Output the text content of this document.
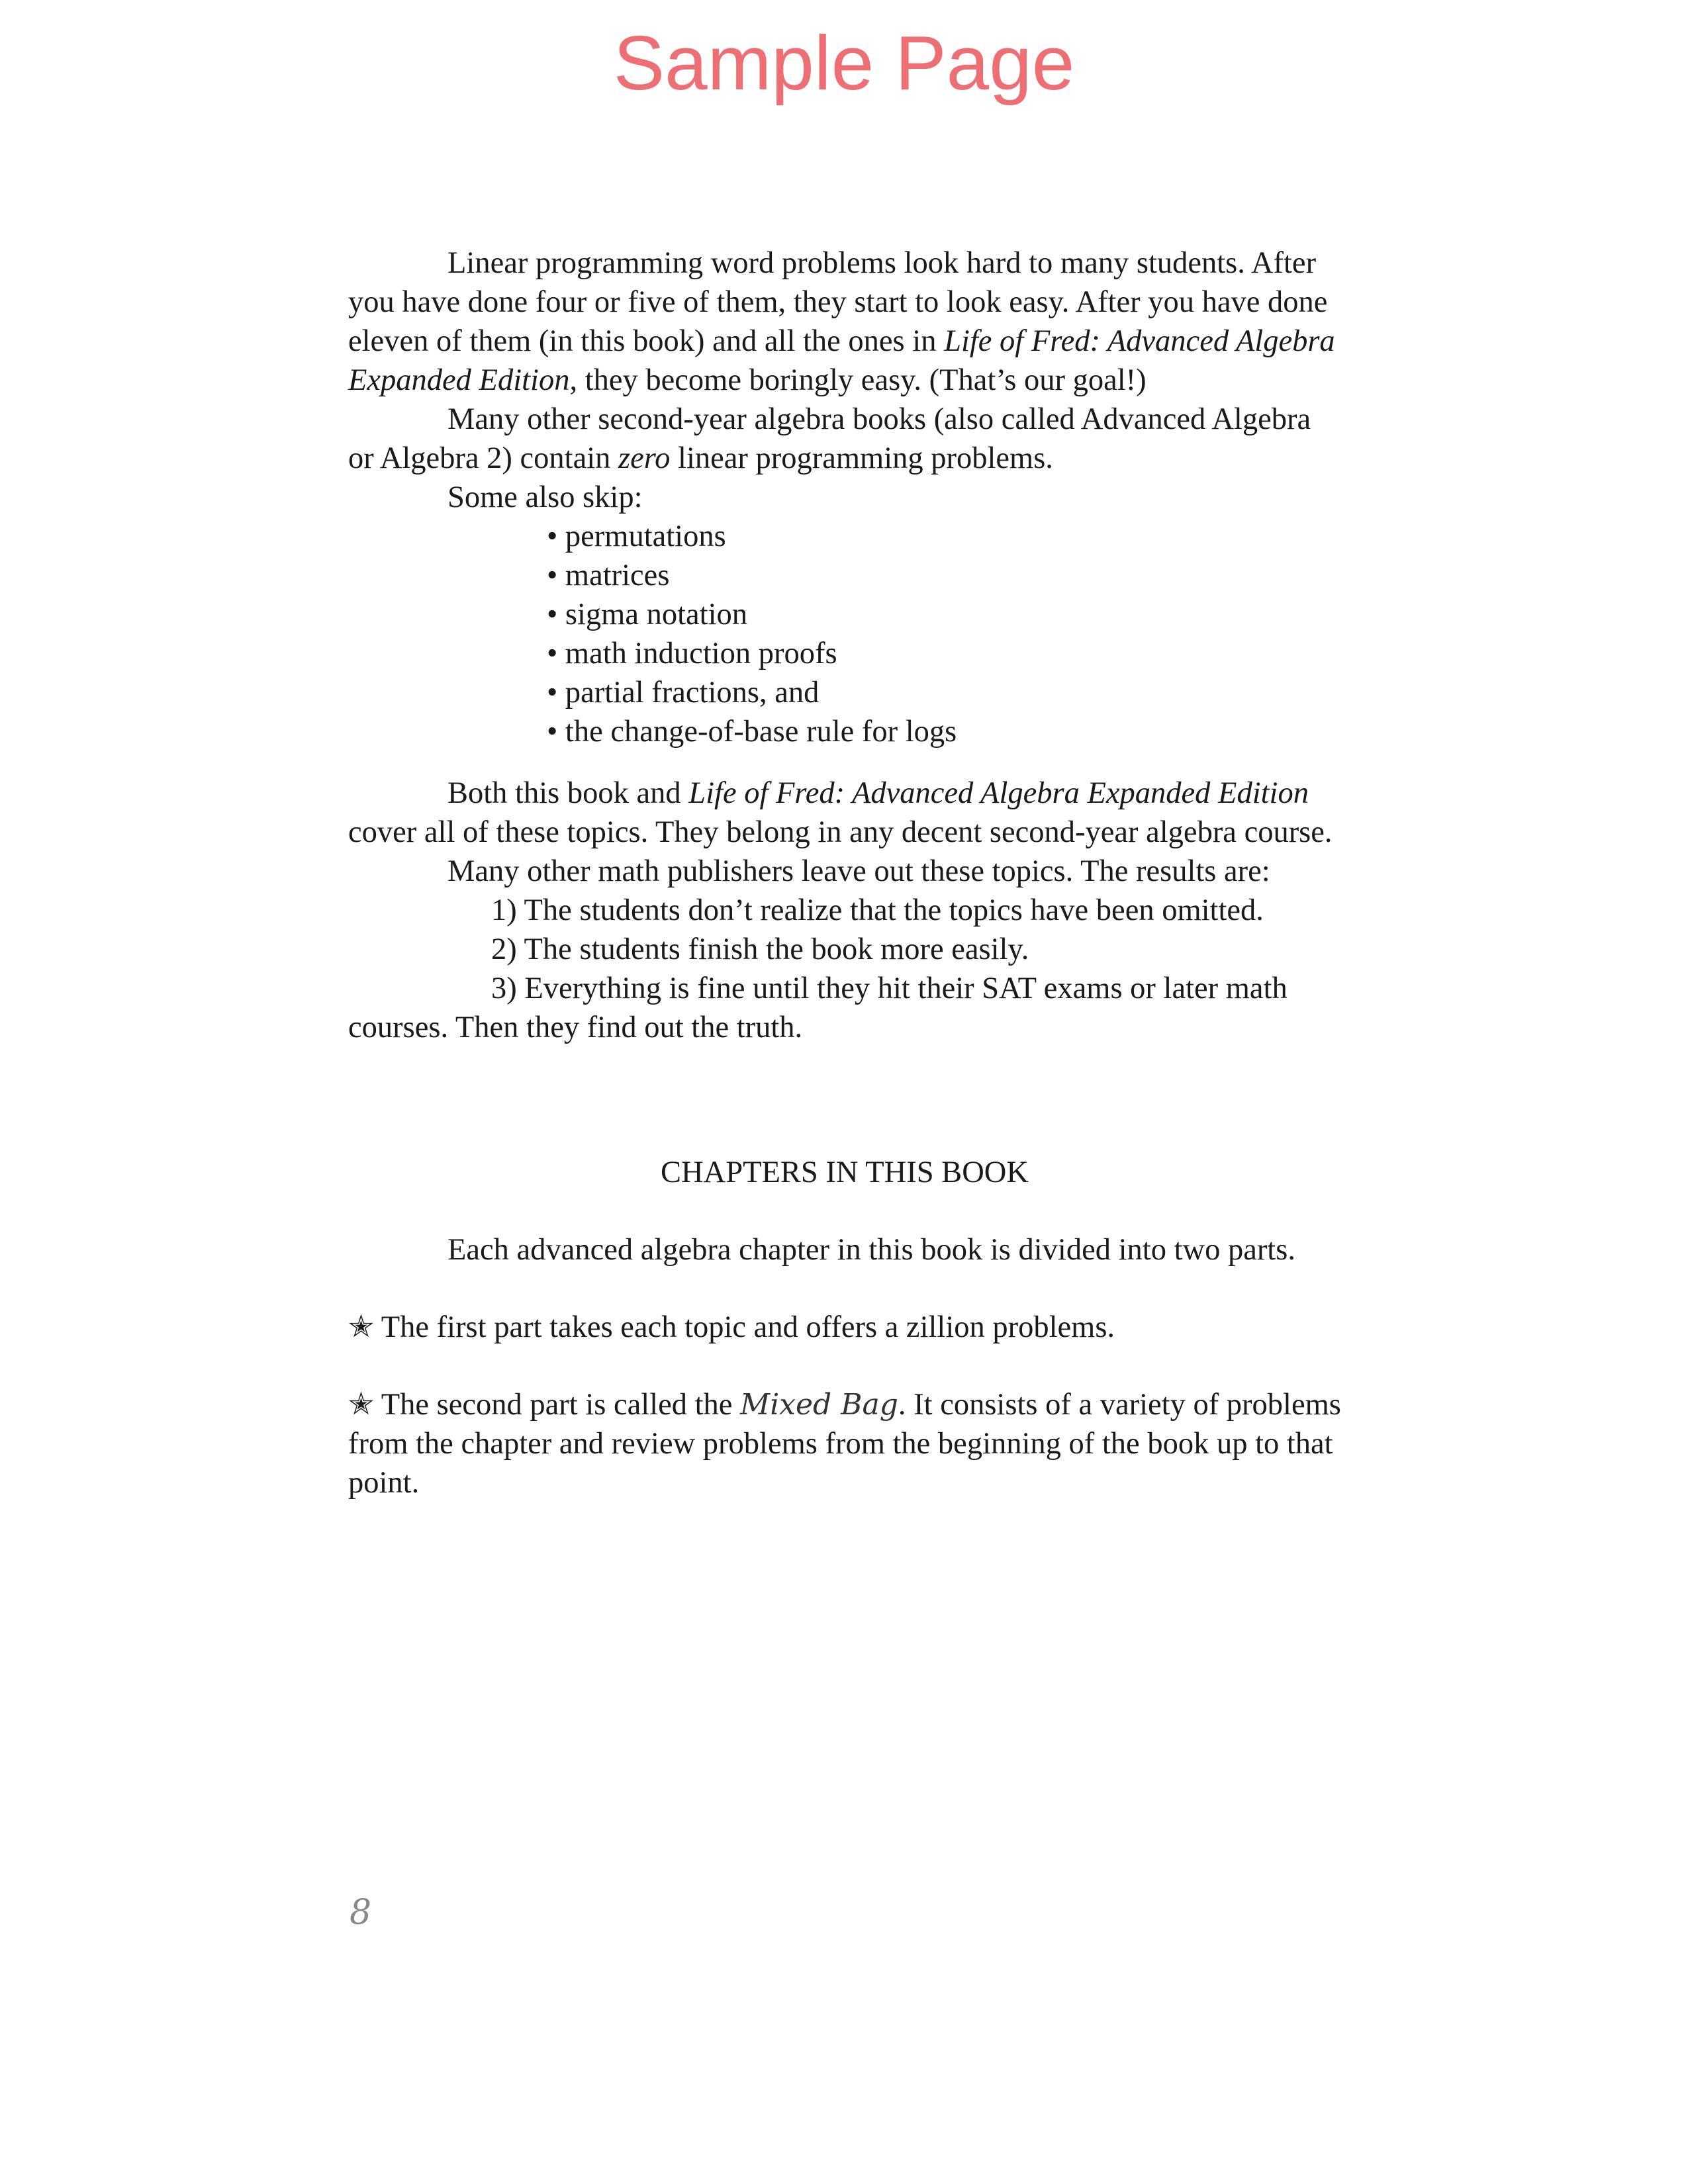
Sample Page

Linear programming word problems look hard to many students. After you have done four or five of them, they start to look easy. After you have done eleven of them (in this book) and all the ones in Life of Fred: Advanced Algebra Expanded Edition, they become boringly easy. (That’s our goal!)

Many other second-year algebra books (also called Advanced Algebra or Algebra 2) contain zero linear programming problems.

Some also skip:

• permutations
• matrices
• sigma notation
• math induction proofs
• partial fractions, and
• the change-of-base rule for logs

Both this book and Life of Fred: Advanced Algebra Expanded Edition cover all of these topics. They belong in any decent second-year algebra course.

Many other math publishers leave out these topics. The results are:

1) The students don’t realize that the topics have been omitted.

2) The students finish the book more easily.

3) Everything is fine until they hit their SAT exams or later math courses. Then they find out the truth.

CHAPTERS IN THIS BOOK

Each advanced algebra chapter in this book is divided into two parts.

✭ The first part takes each topic and offers a zillion problems.

✭ The second part is called the Mixed Bag. It consists of a variety of problems from the chapter and review problems from the beginning of the book up to that point.

8
